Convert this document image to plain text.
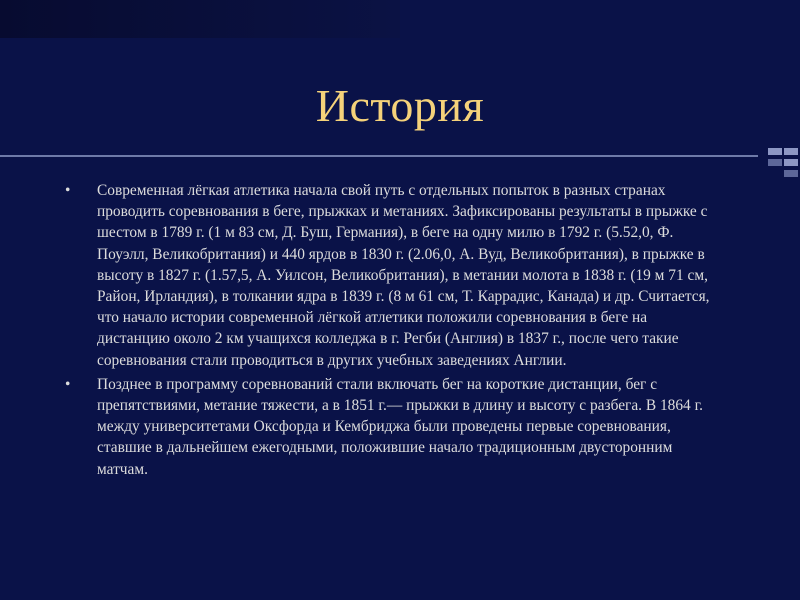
История
• Современная лёгкая атлетика начала свой путь с отдельных попыток в разных странах проводить соревнования в беге, прыжках и метаниях. Зафиксированы результаты в прыжке с шестом в 1789 г. (1 м 83 см, Д. Буш, Германия), в беге на одну милю в 1792 г. (5.52,0, Ф. Поуэлл, Великобритания) и 440 ярдов в 1830 г. (2.06,0, А. Вуд, Великобритания), в прыжке в высоту в 1827 г. (1.57,5, А. Уилсон, Великобритания), в метании молота в 1838 г. (19 м 71 см, Район, Ирландия), в толкании ядра в 1839 г. (8 м 61 см, Т. Каррадис, Канада) и др. Считается, что начало истории современной лёгкой атлетики положили соревнования в беге на дистанцию около 2 км учащихся колледжа в г. Регби (Англия) в 1837 г., после чего такие соревнования стали проводиться в других учебных заведениях Англии.
• Позднее в программу соревнований стали включать бег на короткие дистанции, бег с препятствиями, метание тяжести, а в 1851 г.— прыжки в длину и высоту с разбега. В 1864 г. между университетами Оксфорда и Кембриджа были проведены первые соревнования, ставшие в дальнейшем ежегодными, положившие начало традиционным двусторонним матчам.
